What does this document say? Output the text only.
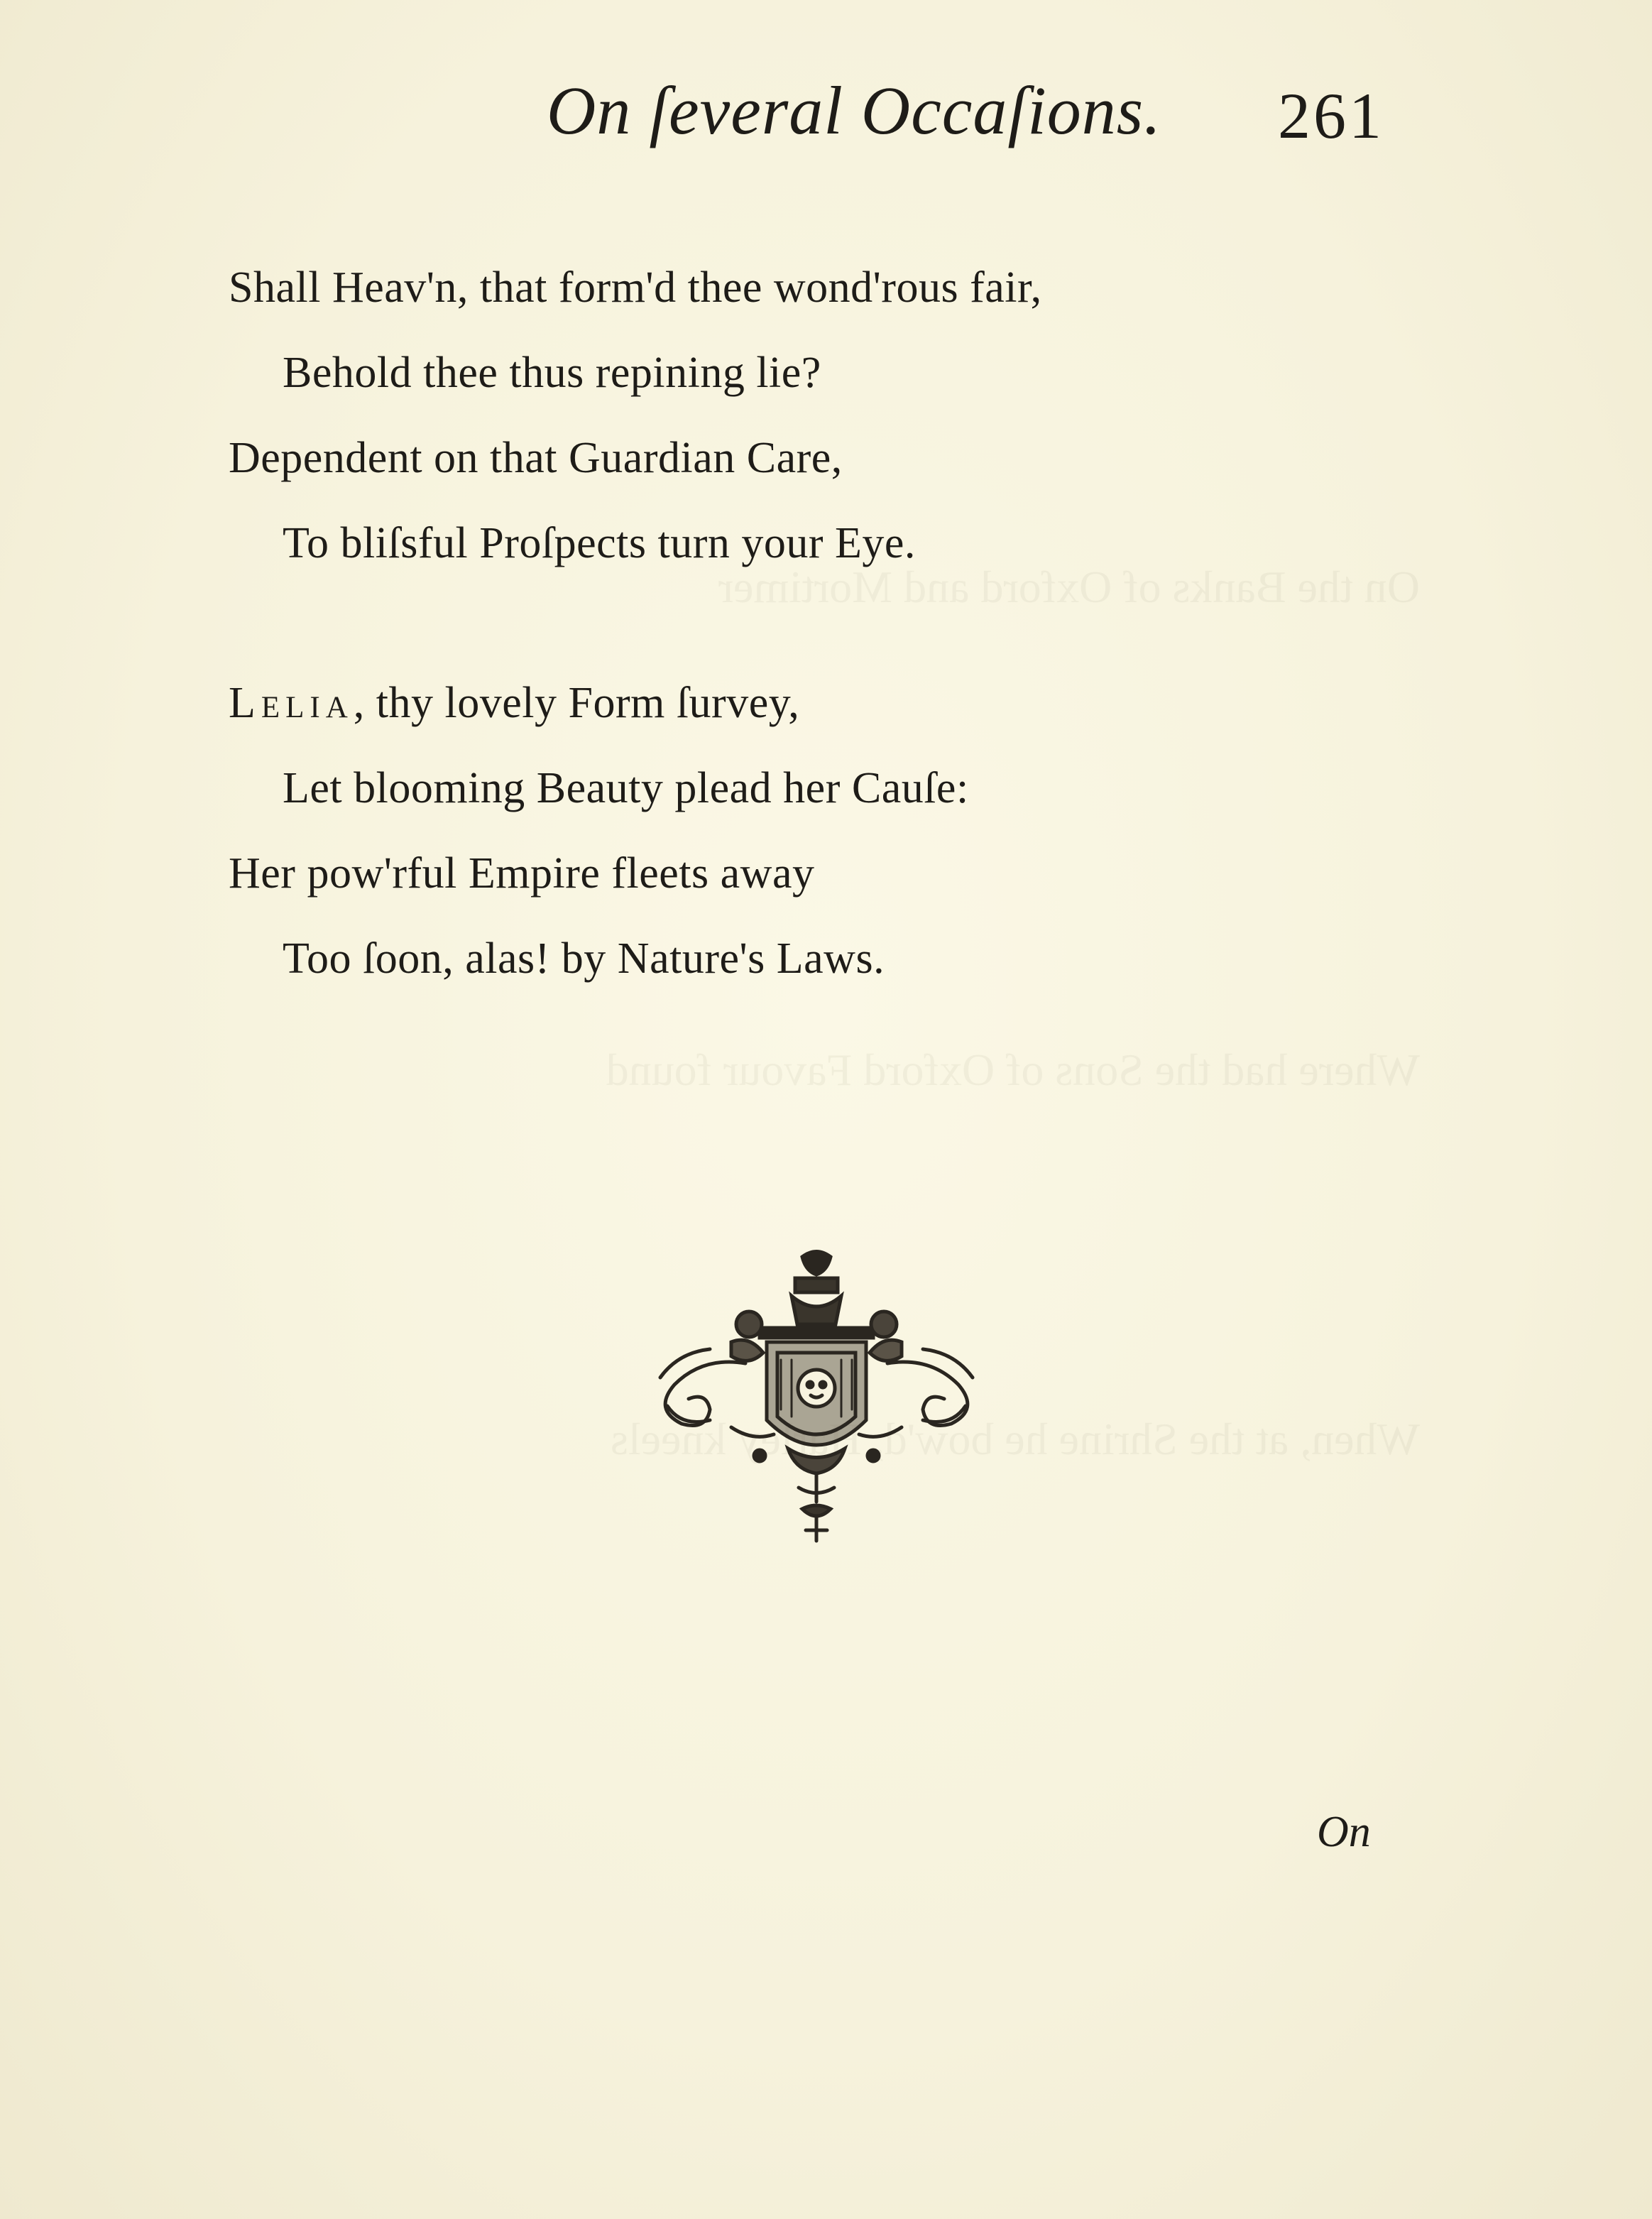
On the Banks of Oxford and Mortimer
Where had the Sons of Oxford Favour found
When, at the Shrine he bow'd, Harley kneels
On ſeveral Occaſions. 261
Shall Heav'n, that form'd thee wond'rous fair,
Behold thee thus repining lie?
Dependent on that Guardian Care,
To bliſsful Proſpects turn your Eye.
Lelia, thy lovely Form ſurvey,
Let blooming Beauty plead her Cauſe:
Her pow'rful Empire fleets away
Too ſoon, alas! by Nature's Laws.
On
